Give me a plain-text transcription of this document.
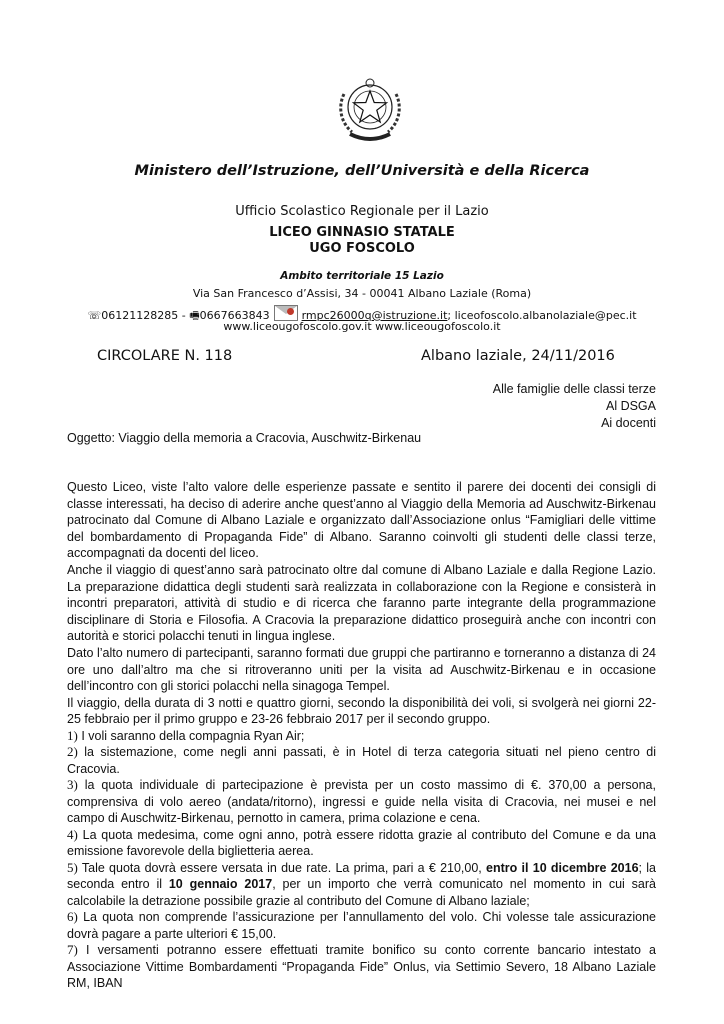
Ministero dell’Istruzione, dell’Università e della Ricerca
Ufficio Scolastico Regionale per il Lazio
LICEO GINNASIO STATALE
UGO FOSCOLO
Ambito territoriale 15 Lazio
Via San Francesco d’Assisi, 34 - 00041 Albano Laziale (Roma)
☏06121128285 - 🖷0667663843	rmpc26000q@istruzione.it; liceofoscolo.albanolaziale@pec.it
www.liceougofoscolo.gov.it www.liceougofoscolo.it
CIRCOLARE N. 118	Albano laziale, 24/11/2016
Alle famiglie delle classi terze
Al DSGA
Ai docenti
Oggetto: Viaggio della memoria a Cracovia, Auschwitz-Birkenau

Questo Liceo, viste l’alto valore delle esperienze passate e sentito il parere dei docenti dei consigli di classe interessati, ha deciso di aderire anche quest’anno al Viaggio della Memoria ad Auschwitz-Birkenau patrocinato dal Comune di Albano Laziale e organizzato dall’Associazione onlus “Famigliari delle vittime del bombardamento di Propaganda Fide” di Albano. Saranno coinvolti gli studenti delle classi terze, accompagnati da docenti del liceo.

Anche il viaggio di quest’anno sarà patrocinato oltre dal comune di Albano Laziale e dalla Regione Lazio. La preparazione didattica degli studenti sarà realizzata in collaborazione con la Regione e consisterà in incontri preparatori, attività di studio e di ricerca che faranno parte integrante della programmazione disciplinare di Storia e Filosofia. A Cracovia la preparazione didattico proseguirà anche con incontri con autorità e storici polacchi tenuti in lingua inglese.

Dato l’alto numero di partecipanti, saranno formati due gruppi che partiranno e torneranno a distanza di 24 ore uno dall’altro ma che si ritroveranno uniti per la visita ad Auschwitz-Birkenau e in occasione dell’incontro con gli storici polacchi nella sinagoga Tempel.

Il viaggio, della durata di 3 notti e quattro giorni, secondo la disponibilità dei voli, si svolgerà nei giorni 22-25 febbraio per il primo gruppo e 23-26 febbraio 2017 per il secondo gruppo.

1) I voli saranno della compagnia Ryan Air;

2) la sistemazione, come negli anni passati, è in Hotel di terza categoria situati nel pieno centro di Cracovia.

3) la quota individuale di partecipazione è prevista per un costo massimo di €. 370,00 a persona, comprensiva di volo aereo (andata/ritorno), ingressi e guide nella visita di Cracovia, nei musei e nel campo di Auschwitz-Birkenau, pernotto in camera, prima colazione e cena.

4) La quota medesima, come ogni anno, potrà essere ridotta grazie al contributo del Comune e da una emissione favorevole della biglietteria aerea.

5) Tale quota dovrà essere versata in due rate. La prima, pari a € 210,00, entro il 10 dicembre 2016; la seconda entro il 10 gennaio 2017, per un importo che verrà comunicato nel momento in cui sarà calcolabile la detrazione possibile grazie al contributo del Comune di Albano laziale;

6) La quota non comprende l’assicurazione per l’annullamento del volo. Chi volesse tale assicurazione dovrà pagare a parte ulteriori € 15,00.

7) I versamenti potranno essere effettuati tramite bonifico su conto corrente bancario intestato a Associazione Vittime Bombardamenti “Propaganda Fide” Onlus, via Settimio Severo, 18 Albano Laziale RM, IBAN
